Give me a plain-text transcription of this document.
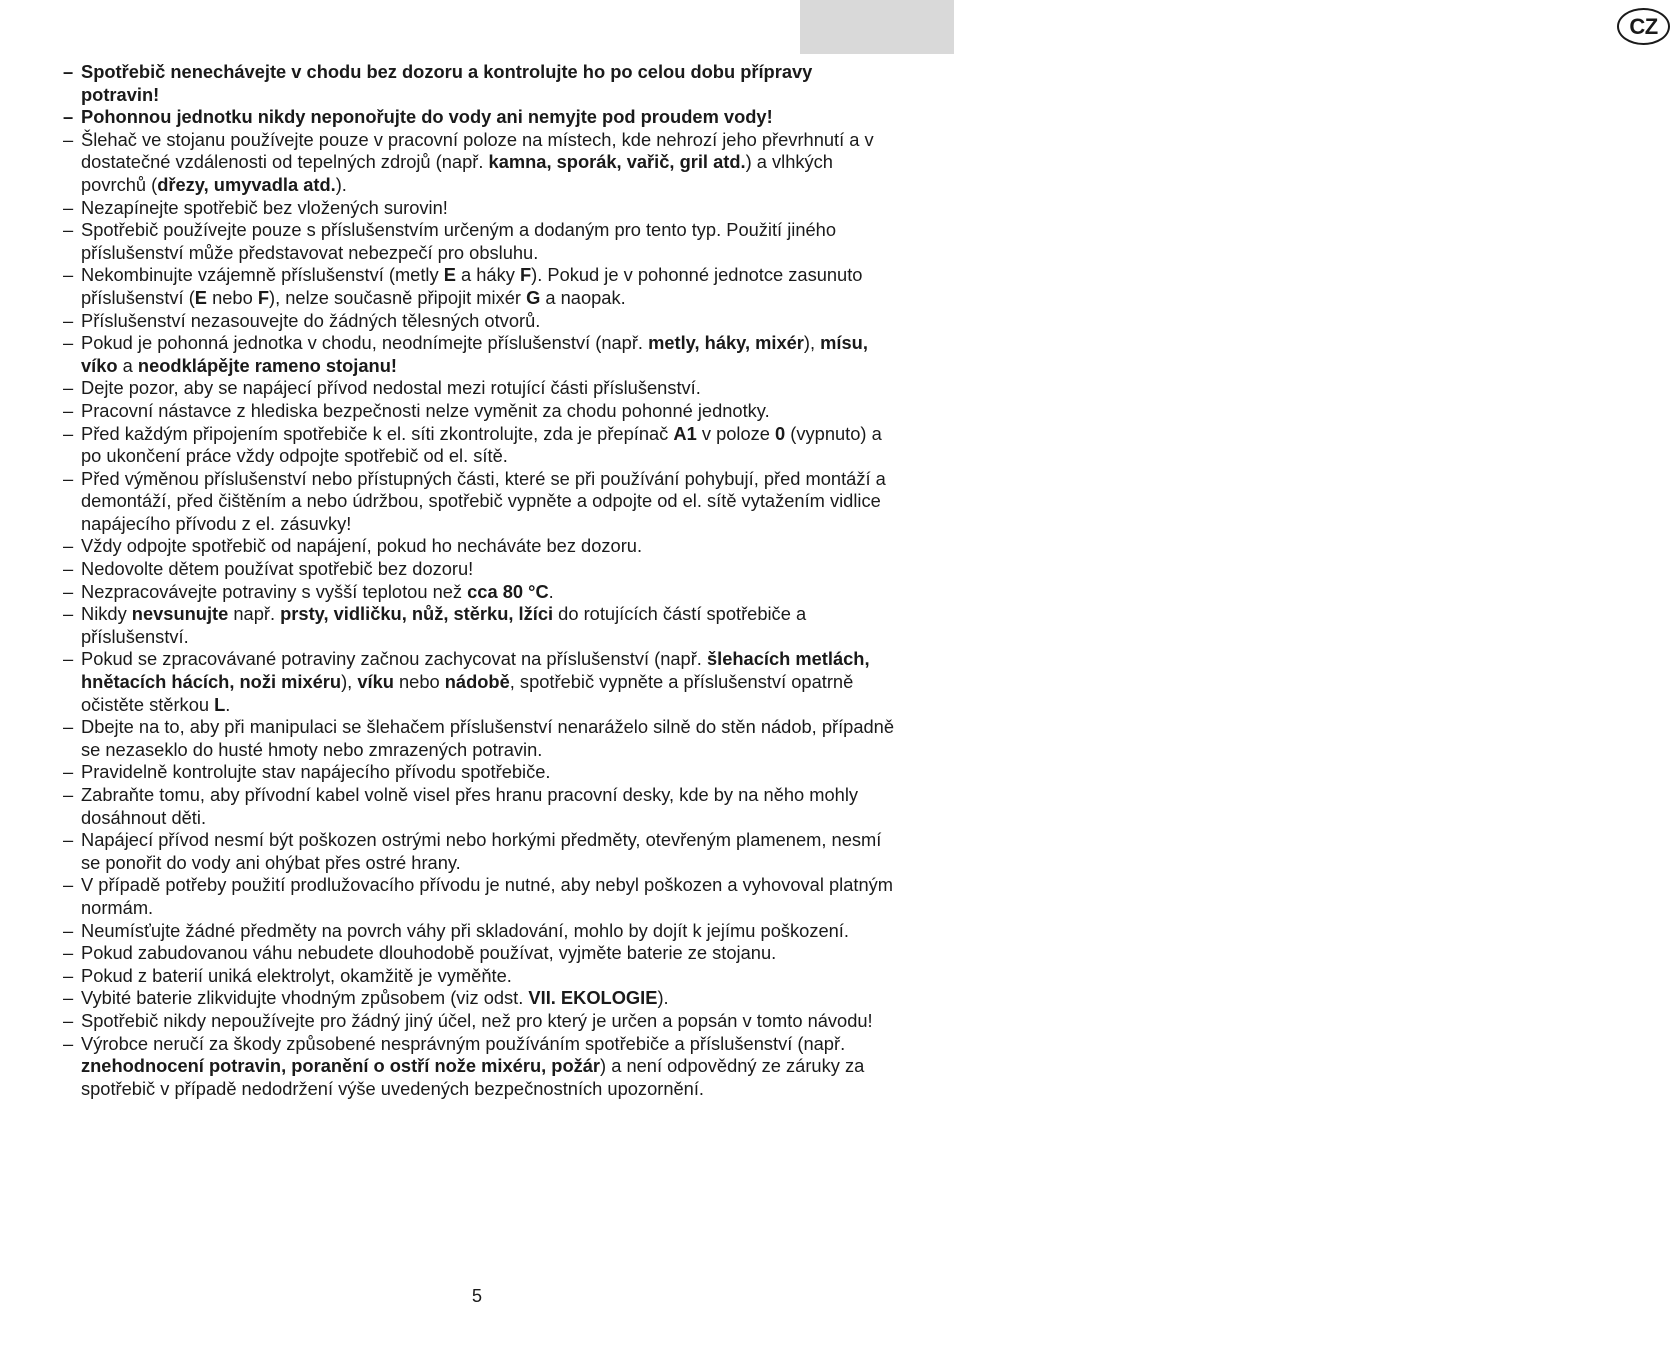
CZ

– Spotřebič nenechávejte v chodu bez dozoru a kontrolujte ho po celou dobu přípravy potravin!

– Pohonnou jednotku nikdy neponořujte do vody ani nemyjte pod proudem vody!

– Šlehač ve stojanu používejte pouze v pracovní poloze na místech, kde nehrozí jeho převrhnutí a v dostatečné vzdálenosti od tepelných zdrojů (např. kamna, sporák, vařič, gril atd.) a vlhkých povrchů (dřezy, umyvadla atd.).

– Nezapínejte spotřebič bez vložených surovin!

– Spotřebič používejte pouze s příslušenstvím určeným a dodaným pro tento typ. Použití jiného příslušenství může představovat nebezpečí pro obsluhu.

– Nekombinujte vzájemně příslušenství (metly E a háky F). Pokud je v pohonné jednotce zasunuto příslušenství (E nebo F), nelze současně připojit mixér G a naopak.

– Příslušenství nezasouvejte do žádných tělesných otvorů.

– Pokud je pohonná jednotka v chodu, neodnímejte příslušenství (např. metly, háky, mixér), mísu, víko a neodklápějte rameno stojanu!

– Dejte pozor, aby se napájecí přívod nedostal mezi rotující části příslušenství.

– Pracovní nástavce z hlediska bezpečnosti nelze vyměnit za chodu pohonné jednotky.

– Před každým připojením spotřebiče k el. síti zkontrolujte, zda je přepínač A1 v poloze 0 (vypnuto) a po ukončení práce vždy odpojte spotřebič od el. sítě.

– Před výměnou příslušenství nebo přístupných části, které se při používání pohybují, před montáží a demontáží, před čištěním a nebo údržbou, spotřebič vypněte a odpojte od el. sítě vytažením vidlice napájecího přívodu z el. zásuvky!

– Vždy odpojte spotřebič od napájení, pokud ho necháváte bez dozoru.

– Nedovolte dětem používat spotřebič bez dozoru!

– Nezpracovávejte potraviny s vyšší teplotou než cca 80 °C.

– Nikdy nevsunujte např. prsty, vidličku, nůž, stěrku, lžíci do rotujících částí spotřebiče a příslušenství.

– Pokud se zpracovávané potraviny začnou zachycovat na příslušenství (např. šlehacích metlách, hnětacích hácích, noži mixéru), víku nebo nádobě, spotřebič vypněte a příslušenství opatrně očistěte stěrkou L.

– Dbejte na to, aby při manipulaci se šlehačem příslušenství nenaráželo silně do stěn nádob, případně se nezaseklo do husté hmoty nebo zmrazených potravin.

– Pravidelně kontrolujte stav napájecího přívodu spotřebiče.

– Zabraňte tomu, aby přívodní kabel volně visel přes hranu pracovní desky, kde by na něho mohly dosáhnout děti.

– Napájecí přívod nesmí být poškozen ostrými nebo horkými předměty, otevřeným plamenem, nesmí se ponořit do vody ani ohýbat přes ostré hrany.

– V případě potřeby použití prodlužovacího přívodu je nutné, aby nebyl poškozen a vyhovoval platným normám.

– Neumísťujte žádné předměty na povrch váhy při skladování, mohlo by dojít k jejímu poškození.

– Pokud zabudovanou váhu nebudete dlouhodobě používat, vyjměte baterie ze stojanu.

– Pokud z baterií uniká elektrolyt, okamžitě je vyměňte.

– Vybité baterie zlikvidujte vhodným způsobem (viz odst. VII. EKOLOGIE).

– Spotřebič nikdy nepoužívejte pro žádný jiný účel, než pro který je určen a popsán v tomto návodu!

– Výrobce neručí za škody způsobené nesprávným používáním spotřebiče a příslušenství (např. znehodnocení potravin, poranění o ostří nože mixéru, požár) a není odpovědný ze záruky za spotřebič v případě nedodržení výše uvedených bezpečnostních upozornění.

5
